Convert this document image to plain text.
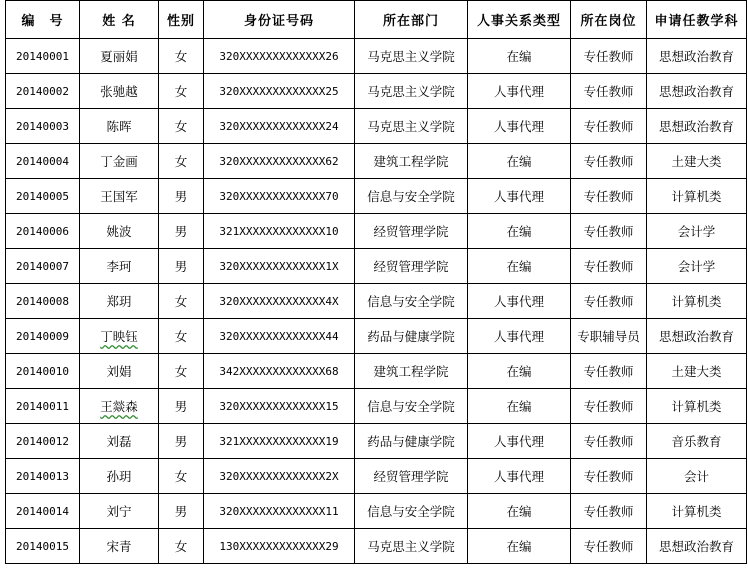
编　号	姓 名	性别	身份证号码	所在部门	人事关系类型	所在岗位	申请任教学科
20140001	夏丽娟	女	320XXXXXXXXXXXXX26	马克思主义学院	在编	专任教师	思想政治教育
20140002	张驰越	女	320XXXXXXXXXXXXX25	马克思主义学院	人事代理	专任教师	思想政治教育
20140003	陈晖	女	320XXXXXXXXXXXXX24	马克思主义学院	人事代理	专任教师	思想政治教育
20140004	丁金画	女	320XXXXXXXXXXXXX62	建筑工程学院	在编	专任教师	土建大类
20140005	王国军	男	320XXXXXXXXXXXXX70	信息与安全学院	人事代理	专任教师	计算机类
20140006	姚波	男	321XXXXXXXXXXXXX10	经贸管理学院	在编	专任教师	会计学
20140007	李珂	男	320XXXXXXXXXXXXX1X	经贸管理学院	在编	专任教师	会计学
20140008	郑玥	女	320XXXXXXXXXXXXX4X	信息与安全学院	人事代理	专任教师	计算机类
20140009	丁映钰	女	320XXXXXXXXXXXXX44	药品与健康学院	人事代理	专职辅导员	思想政治教育
20140010	刘娟	女	342XXXXXXXXXXXXX68	建筑工程学院	在编	专任教师	土建大类
20140011	王燚森	男	320XXXXXXXXXXXXX15	信息与安全学院	在编	专任教师	计算机类
20140012	刘磊	男	321XXXXXXXXXXXXX19	药品与健康学院	人事代理	专任教师	音乐教育
20140013	孙玥	女	320XXXXXXXXXXXXX2X	经贸管理学院	人事代理	专任教师	会计
20140014	刘宁	男	320XXXXXXXXXXXXX11	信息与安全学院	在编	专任教师	计算机类
20140015	宋青	女	130XXXXXXXXXXXXX29	马克思主义学院	在编	专任教师	思想政治教育
